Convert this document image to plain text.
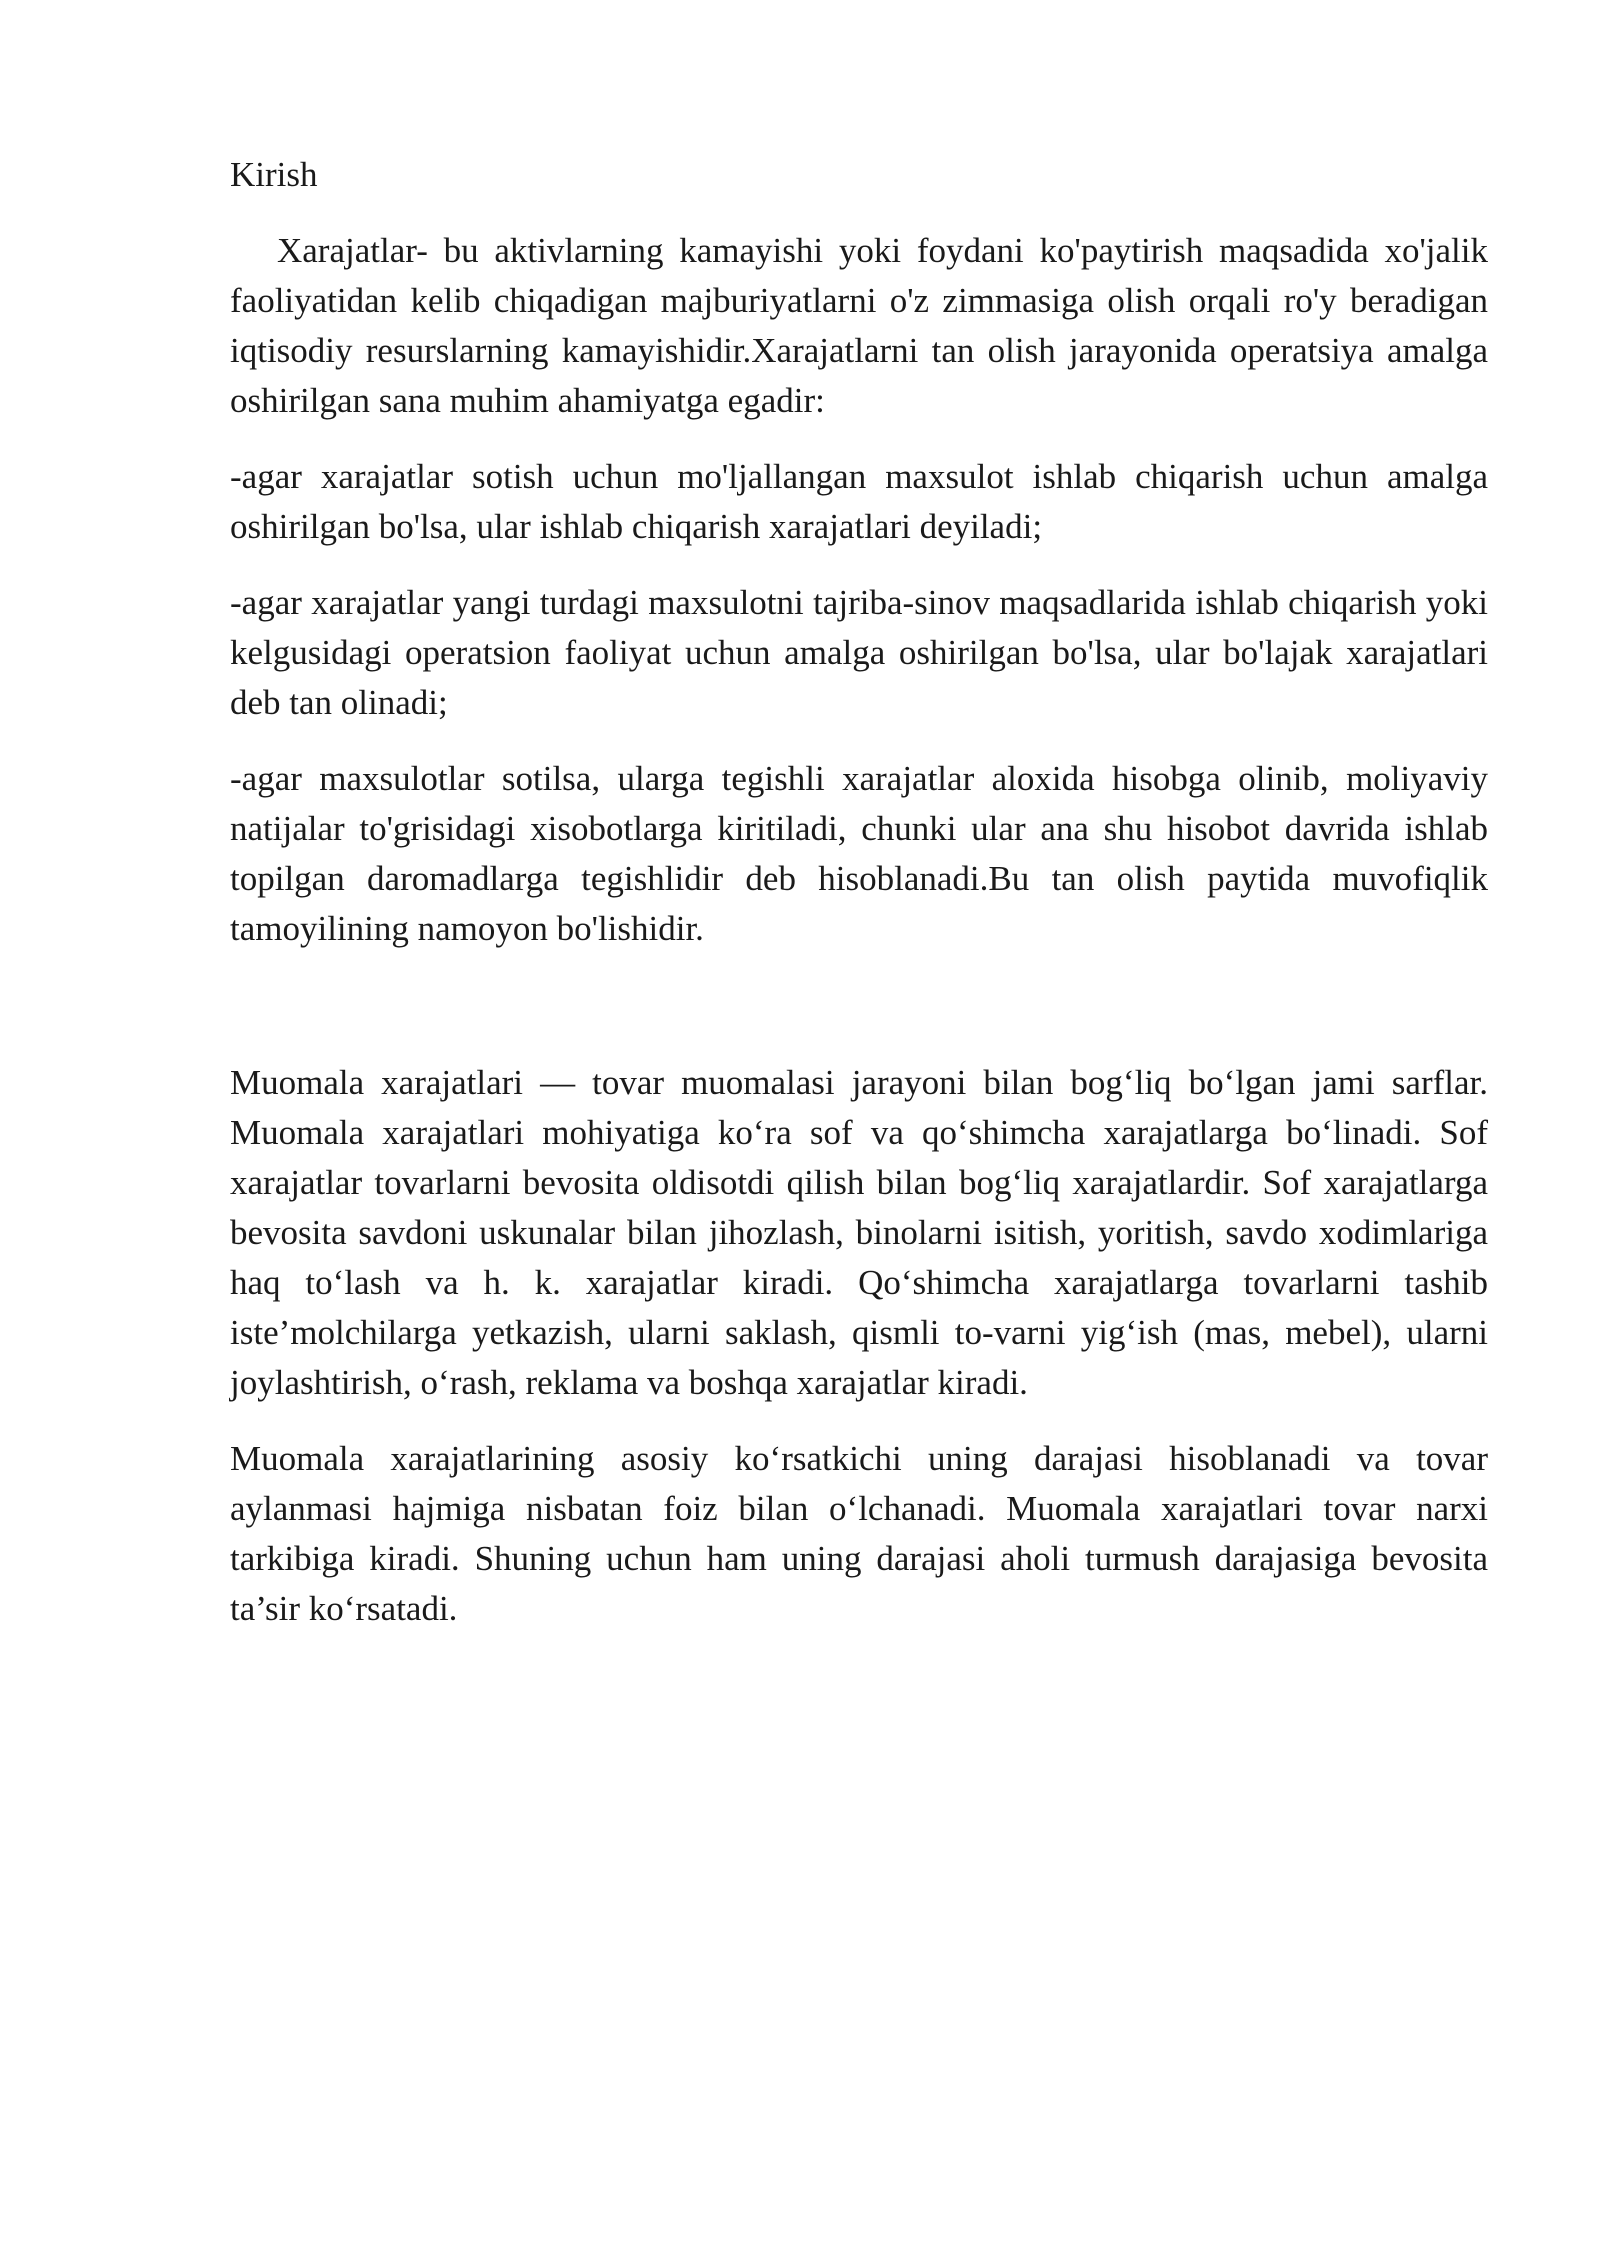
Kirish

Xarajatlar- bu aktivlarning kamayishi yoki foydani ko'paytirish maqsadida xo'jalik faoliyatidan kelib chiqadigan majburiyatlarni o'z zimmasiga olish orqali ro'y beradigan iqtisodiy resurslarning kamayishidir.Xarajatlarni tan olish jarayonida operatsiya amalga oshirilgan sana muhim ahamiyatga egadir:

-agar xarajatlar sotish uchun mo'ljallangan maxsulot ishlab chiqarish uchun amalga oshirilgan bo'lsa, ular ishlab chiqarish xarajatlari deyiladi;

-agar xarajatlar yangi turdagi maxsulotni tajriba-sinov maqsadlarida ishlab chiqarish yoki kelgusidagi operatsion faoliyat uchun amalga oshirilgan bo'lsa, ular bo'lajak xarajatlari deb tan olinadi;

-agar maxsulotlar sotilsa, ularga tegishli xarajatlar aloxida hisobga olinib, moliyaviy natijalar to'grisidagi xisobotlarga kiritiladi, chunki ular ana shu hisobot davrida ishlab topilgan daromadlarga tegishlidir deb hisoblanadi.Bu tan olish paytida muvofiqlik tamoyilining namoyon bo'lishidir.

Muomala xarajatlari — tovar muomalasi jarayoni bilan bog‘liq bo‘lgan jami sarflar. Muomala xarajatlari mohiyatiga ko‘ra sof va qo‘shimcha xarajatlarga bo‘linadi. Sof xarajatlar tovarlarni bevosita oldisotdi qilish bilan bog‘liq xarajatlardir. Sof xarajatlarga bevosita savdoni uskunalar bilan jihozlash, binolarni isitish, yoritish, savdo xodimlariga haq to‘lash va h. k. xarajatlar kiradi. Qo‘shimcha xarajatlarga tovarlarni tashib iste’molchilarga yetkazish, ularni saklash, qismli to-varni yig‘ish (mas, mebel), ularni joylashtirish, o‘rash, reklama va boshqa xarajatlar kiradi.

Muomala xarajatlarining asosiy ko‘rsatkichi uning darajasi hisoblanadi va tovar aylanmasi hajmiga nisbatan foiz bilan o‘lchanadi. Muomala xarajatlari tovar narxi tarkibiga kiradi. Shuning uchun ham uning darajasi aholi turmush darajasiga bevosita ta’sir ko‘rsatadi.
